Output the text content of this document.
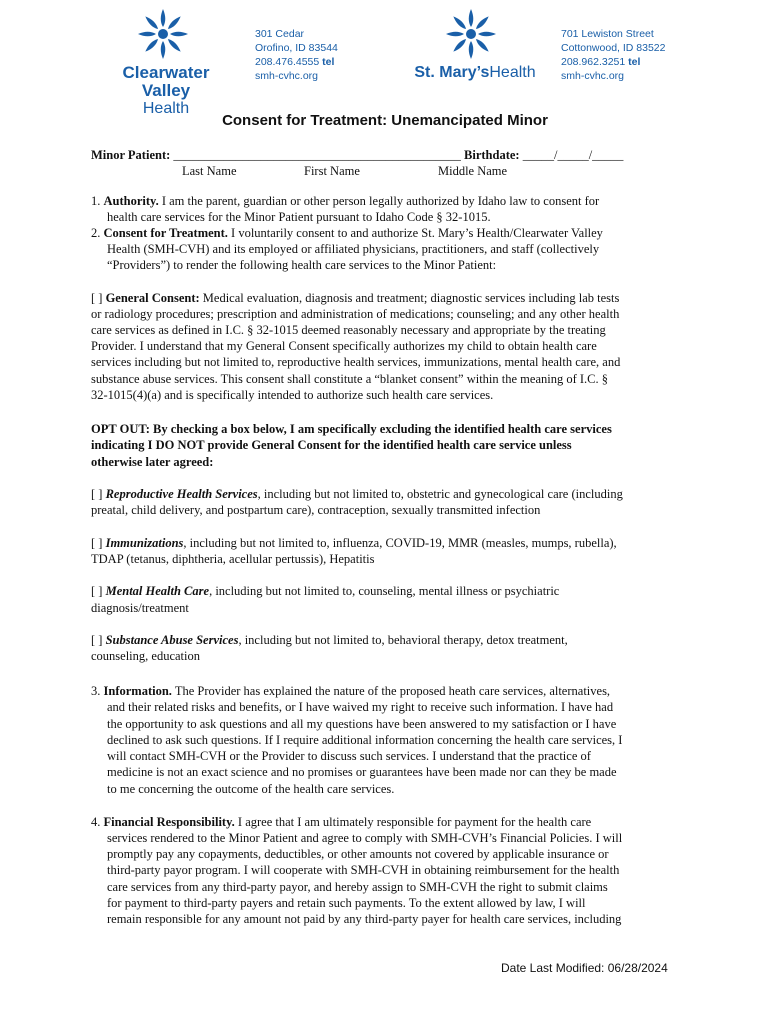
Clearwater Valley
Health
301 Cedar
Orofino, ID 83544
208.476.4555 tel
smh-cvhc.org	St. Mary’sHealth
701 Lewiston Street
Cottonwood, ID 83522
208.962.3251 tel
smh-cvhc.org
Consent for Treatment: Unemancipated Minor
Minor Patient: ______________________________________________ Birthdate: _____/_____/_____
Last Name	First Name	Middle Name
1. Authority. I am the parent, guardian or other person legally authorized by Idaho law to consent for
health care services for the Minor Patient pursuant to Idaho Code § 32-1015.
2. Consent for Treatment. I voluntarily consent to and authorize St. Mary’s Health/Clearwater Valley
Health (SMH-CVH) and its employed or affiliated physicians, practitioners, and staff (collectively
“Providers”) to render the following health care services to the Minor Patient:
[ ] General Consent: Medical evaluation, diagnosis and treatment; diagnostic services including lab tests
or radiology procedures; prescription and administration of medications; counseling; and any other health
care services as defined in I.C. § 32-1015 deemed reasonably necessary and appropriate by the treating
Provider. I understand that my General Consent specifically authorizes my child to obtain health care
services including but not limited to, reproductive health services, immunizations, mental health care, and
substance abuse services. This consent shall constitute a “blanket consent” within the meaning of I.C. §
32-1015(4)(a) and is specifically intended to authorize such health care services.
OPT OUT: By checking a box below, I am specifically excluding the identified health care services
indicating I DO NOT provide General Consent for the identified health care service unless
otherwise later agreed:
[ ] Reproductive Health Services, including but not limited to, obstetric and gynecological care (including
preatal, child delivery, and postpartum care), contraception, sexually transmitted infection
[ ] Immunizations, including but not limited to, influenza, COVID-19, MMR (measles, mumps, rubella),
TDAP (tetanus, diphtheria, acellular pertussis), Hepatitis
[ ] Mental Health Care, including but not limited to, counseling, mental illness or psychiatric
diagnosis/treatment
[ ] Substance Abuse Services, including but not limited to, behavioral therapy, detox treatment,
counseling, education
3. Information. The Provider has explained the nature of the proposed heath care services, alternatives,
and their related risks and benefits, or I have waived my right to receive such information. I have had
the opportunity to ask questions and all my questions have been answered to my satisfaction or I have
declined to ask such questions. If I require additional information concerning the health care services, I
will contact SMH-CVH or the Provider to discuss such services. I understand that the practice of
medicine is not an exact science and no promises or guarantees have been made nor can they be made
to me concerning the outcome of the health care services.
4. Financial Responsibility. I agree that I am ultimately responsible for payment for the health care
services rendered to the Minor Patient and agree to comply with SMH-CVH’s Financial Policies. I will
promptly pay any copayments, deductibles, or other amounts not covered by applicable insurance or
third-party payor program. I will cooperate with SMH-CVH in obtaining reimbursement for the health
care services from any third-party payor, and hereby assign to SMH-CVH the right to submit claims
for payment to third-party payers and retain such payments. To the extent allowed by law, I will
remain responsible for any amount not paid by any third-party payer for health care services, including
Date Last Modified: 06/28/2024
